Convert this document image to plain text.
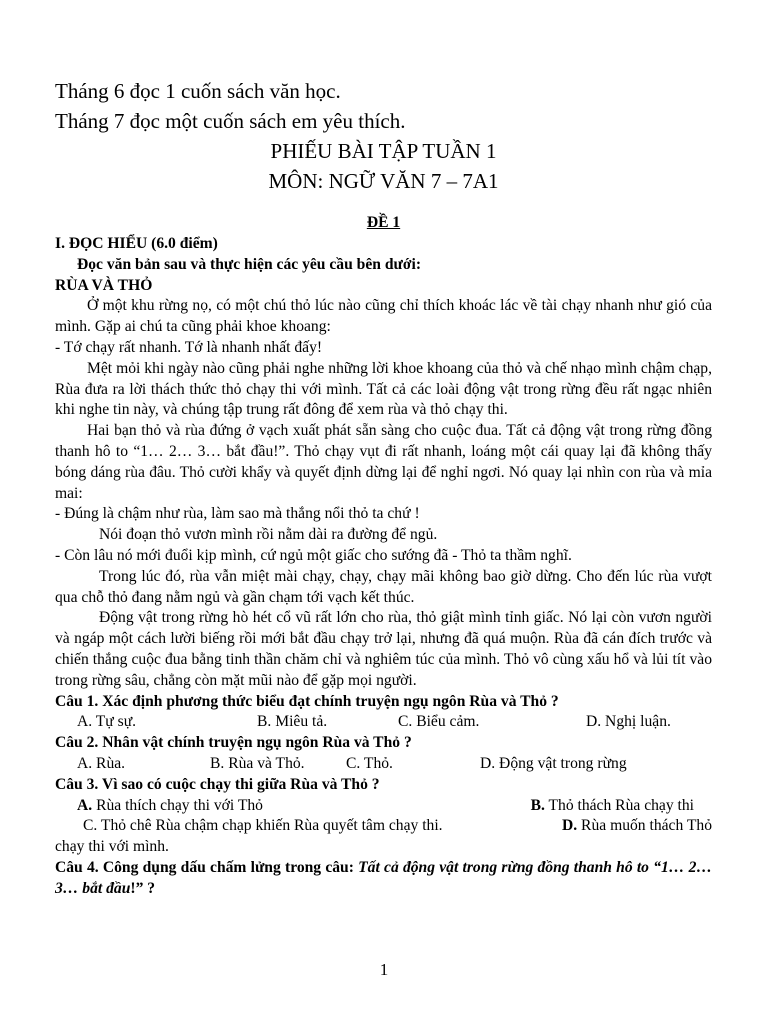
Tháng 6 đọc 1 cuốn sách văn học.

Tháng 7 đọc một cuốn sách em yêu thích.

PHIẾU BÀI TẬP TUẦN 1

MÔN: NGỮ VĂN 7 – 7A1

ĐỀ 1

I. ĐỌC HIỂU (6.0 điểm)

Đọc văn bản sau và thực hiện các yêu cầu bên dưới:

RÙA VÀ THỎ

Ở một khu rừng nọ, có một chú thỏ lúc nào cũng chỉ thích khoác lác về tài chạy nhanh như gió của mình. Gặp ai chú ta cũng phải khoe khoang:

- Tớ chạy rất nhanh. Tớ là nhanh nhất đấy!

Mệt mỏi khi ngày nào cũng phải nghe những lời khoe khoang của thỏ và chế nhạo mình chậm chạp, Rùa đưa ra lời thách thức thỏ chạy thi với mình. Tất cả các loài động vật trong rừng đều rất ngạc nhiên khi nghe tin này, và chúng tập trung rất đông để xem rùa và thỏ chạy thi.

Hai bạn thỏ và rùa đứng ở vạch xuất phát sẵn sàng cho cuộc đua. Tất cả động vật trong rừng đồng thanh hô to “1… 2… 3… bắt đầu!”. Thỏ chạy vụt đi rất nhanh, loáng một cái quay lại đã không thấy bóng dáng rùa đâu. Thỏ cười khẩy và quyết định dừng lại để nghỉ ngơi. Nó quay lại nhìn con rùa và mỉa mai:

- Đúng là chậm như rùa, làm sao mà thắng nổi thỏ ta chứ !

Nói đoạn thỏ vươn mình rồi nằm dài ra đường để ngủ.

- Còn lâu nó mới đuổi kịp mình, cứ ngủ một giấc cho sướng đã - Thỏ ta thầm nghĩ.

Trong lúc đó, rùa vẫn miệt mài chạy, chạy, chạy mãi không bao giờ dừng. Cho đến lúc rùa vượt qua chỗ thỏ đang nằm ngủ và gần chạm tới vạch kết thúc.

Động vật trong rừng hò hét cổ vũ rất lớn cho rùa, thỏ giật mình tỉnh giấc. Nó lại còn vươn người và ngáp một cách lười biếng rồi mới bắt đầu chạy trở lại, nhưng đã quá muộn. Rùa đã cán đích trước và chiến thắng cuộc đua bằng tinh thần chăm chỉ và nghiêm túc của mình. Thỏ vô cùng xấu hổ và lủi tít vào trong rừng sâu, chẳng còn mặt mũi nào để gặp mọi người.

Câu 1. Xác định phương thức biểu đạt chính truyện ngụ ngôn Rùa và Thỏ ?

A. Tự sự.	B. Miêu tả.	C. Biểu cảm.	D. Nghị luận.

Câu 2. Nhân vật chính truyện ngụ ngôn Rùa và Thỏ ?

A. Rùa.	B. Rùa và Thỏ.	C. Thỏ.	D. Động vật trong rừng

Câu 3. Vì sao có cuộc chạy thi giữa Rùa và Thỏ ?

A. Rùa thích chạy thi với Thỏ	B. Thỏ thách Rùa chạy thi
C. Thỏ chê Rùa chậm chạp khiến Rùa quyết tâm chạy thi.	D. Rùa muốn thách Thỏ

chạy thi với mình.

Câu 4. Công dụng dấu chấm lửng trong câu: Tất cả động vật trong rừng đồng thanh hô to “1… 2… 3… bắt đầu!” ?

1
